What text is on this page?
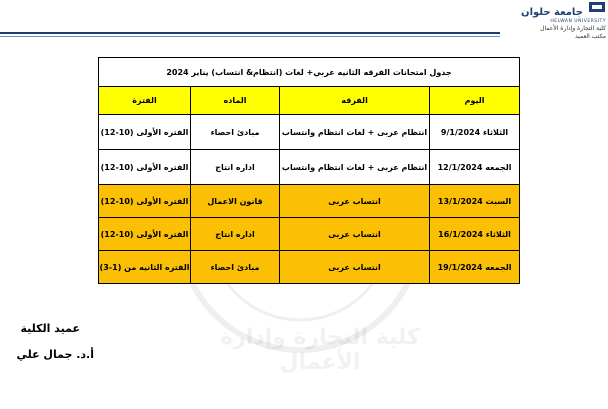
كلية التجارة وإدارة الأعمال
جامعة حلوان
HELWAN UNIVERSITY
كلية التجارة وإدارة الأعمال
مكتب العميد
جدول امتحانات الفرقه الثانيه عربي+ لغات (انتظام& انتساب) يناير 2024			
اليوم	الفرقه	الماده	الفترة
الثلاثاء 9/1/2024	انتظام عربى + لغات انتظام وانتساب	مبادئ احصاء	الفتره الأولى (10-12)
الجمعه 12/1/2024	انتظام عربى + لغات انتظام وانتساب	اداره انتاج	الفتره الأولى (10-12)
السبت 13/1/2024	انتساب عربى	قانون الاعمال	الفتره الأولى (10-12)
الثلاثاء 16/1/2024	انتساب عربى	اداره انتاج	الفتره الأولى (10-12)
الجمعه 19/1/2024	انتساب عربى	مبادئ احصاء	الفتره الثانيه من (1-3)
عميد الكلية
أ.د. جمال علي
